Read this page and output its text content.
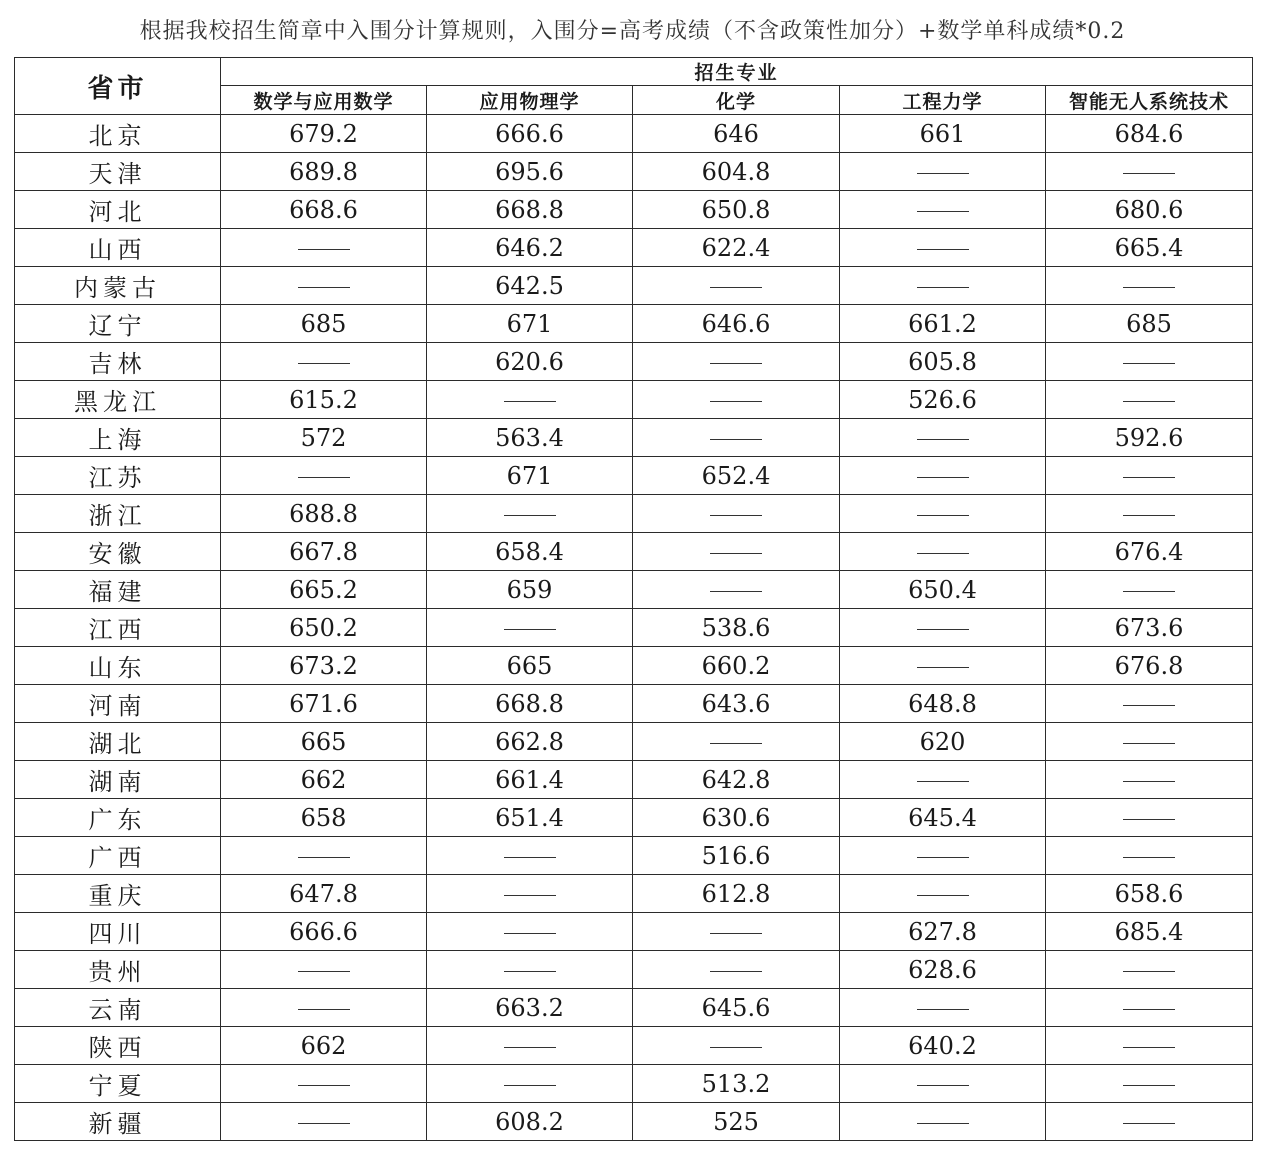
根据我校招生简章中入围分计算规则，入围分=高考成绩（不含政策性加分）+数学单科成绩*0.2
省市	招生专业				
	数学与应用数学	应用物理学	化学	工程力学	智能无人系统技术
北京	679.2	666.6	646	661	684.6
天津	689.8	695.6	604.8		
河北	668.6	668.8	650.8		680.6
山西		646.2	622.4		665.4
内蒙古		642.5			
辽宁	685	671	646.6	661.2	685
吉林		620.6		605.8	
黑龙江	615.2			526.6	
上海	572	563.4			592.6
江苏		671	652.4		
浙江	688.8				
安徽	667.8	658.4			676.4
福建	665.2	659		650.4	
江西	650.2		538.6		673.6
山东	673.2	665	660.2		676.8
河南	671.6	668.8	643.6	648.8	
湖北	665	662.8		620	
湖南	662	661.4	642.8		
广东	658	651.4	630.6	645.4	
广西			516.6		
重庆	647.8		612.8		658.6
四川	666.6			627.8	685.4
贵州				628.6	
云南		663.2	645.6		
陕西	662			640.2	
宁夏			513.2		
新疆		608.2	525		
